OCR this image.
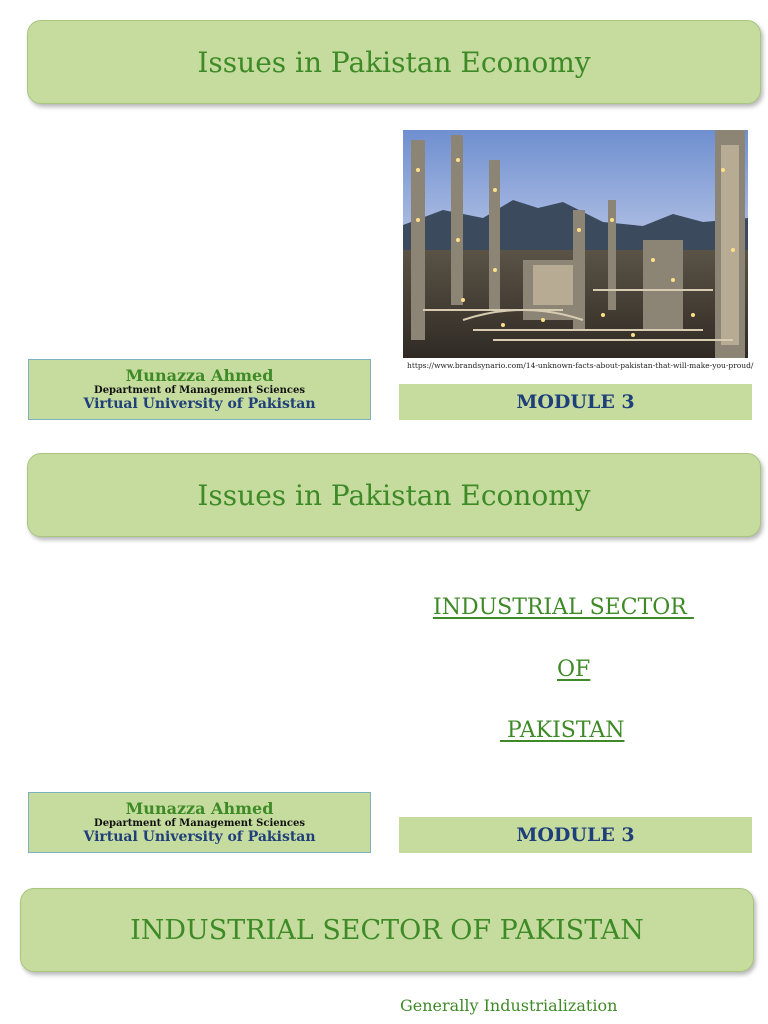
Issues in Pakistan Economy
https://www.brandsynario.com/14-unknown-facts-about-pakistan-that-will-make-you-proud/
Munazza Ahmed
Department of Management Sciences
Virtual University of Pakistan	MODULE 3
Issues in Pakistan Economy
INDUSTRIAL SECTOR
OF
PAKISTAN
Munazza Ahmed
Department of Management Sciences
Virtual University of Pakistan	MODULE 3
INDUSTRIAL SECTOR OF PAKISTAN
Generally Industrialization
